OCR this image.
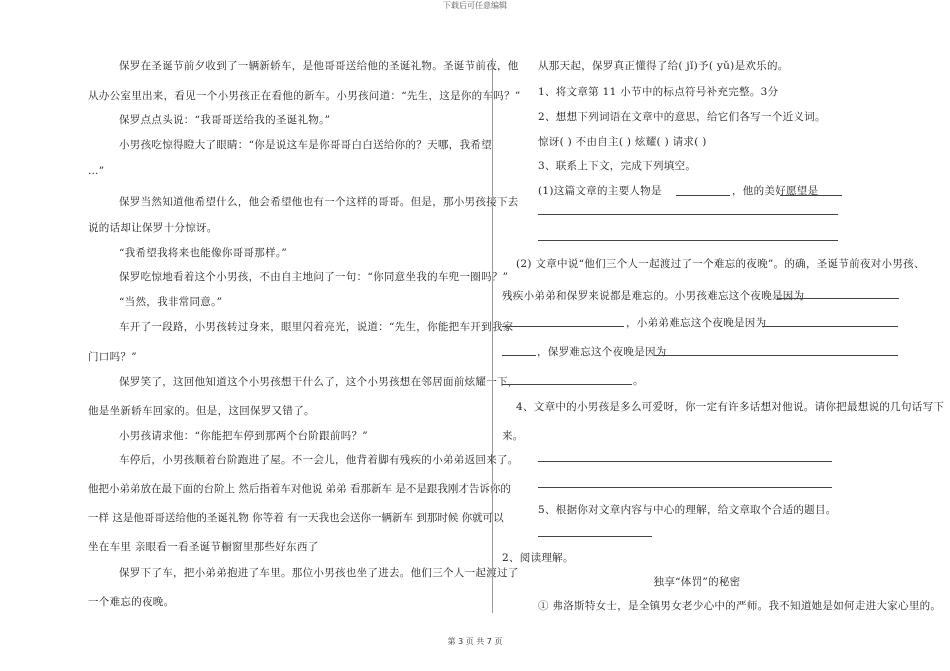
下载后可任意编辑
保罗在圣诞节前夕收到了一辆新轿车，是他哥哥送给他的圣诞礼物。圣诞节前夜，他
从办公室里出来，看见一个小男孩正在看他的新车。小男孩问道：“先生，这是你的车吗？”
保罗点点头说：“我哥哥送给我的圣诞礼物。”
小男孩吃惊得瞪大了眼睛：“你是说这车是你哥哥白白送给你的？天哪，我希望
…”
保罗当然知道他希望什么，他会希望他也有一个这样的哥哥。但是，那小男孩接下去
说的话却让保罗十分惊讶。
“我希望我将来也能像你哥哥那样。”
保罗吃惊地看着这个小男孩，不由自主地问了一句：“你同意坐我的车兜一圈吗？”
“当然，我非常同意。”
车开了一段路，小男孩转过身来，眼里闪着亮光，说道：“先生，你能把车开到我家
门口吗？”
保罗笑了，这回他知道这个小男孩想干什么了，这个小男孩想在邻居面前炫耀一下，
他是坐新轿车回家的。但是，这回保罗又错了。
小男孩请求他：“你能把车停到那两个台阶跟前吗？”
车停后，小男孩顺着台阶跑进了屋。不一会儿，他背着脚有残疾的小弟弟返回来了。
他把小弟弟放在最下面的台阶上 然后指着车对他说 弟弟 看那新车 是不是跟我刚才告诉你的
一样 这是他哥哥送给他的圣诞礼物 你等着 有一天我也会送你一辆新车 到那时候 你就可以
坐在车里 亲眼看一看圣诞节橱窗里那些好东西了
保罗下了车，把小弟弟抱进了车里。那位小男孩也坐了进去。他们三个人一起渡过了
一个难忘的夜晚。
从那天起，保罗真正懂得了给( jǐ)予( yǔ)是欢乐的。
1、将文章第 11 小节中的标点符号补充完整。3分
2、想想下列词语在文章中的意思，给它们各写一个近义词。
惊讶( ) 不由自主( ) 炫耀( ) 请求( )
3、联系上下文，完成下列填空。
(1)这篇文章的主要人物是	，他的美好愿望是
(2) 文章中说“他们三个人一起渡过了一个难忘的夜晚”。的确，圣诞节前夜对小男孩、
残疾小弟弟和保罗来说都是难忘的。小男孩难忘这个夜晚是因为
，小弟弟难忘这个夜晚是因为
，保罗难忘这个夜晚是因为
。
4、文章中的小男孩是多么可爱呀，你一定有许多话想对他说。请你把最想说的几句话写下
来。
5、根据你对文章内容与中心的理解，给文章取个合适的题目。
2、阅读理解。
独享“体罚”的秘密
① 弗洛斯特女士，是全镇男女老少心中的严师。我不知道她是如何走进大家心里的。
第 3 页 共 7 页
